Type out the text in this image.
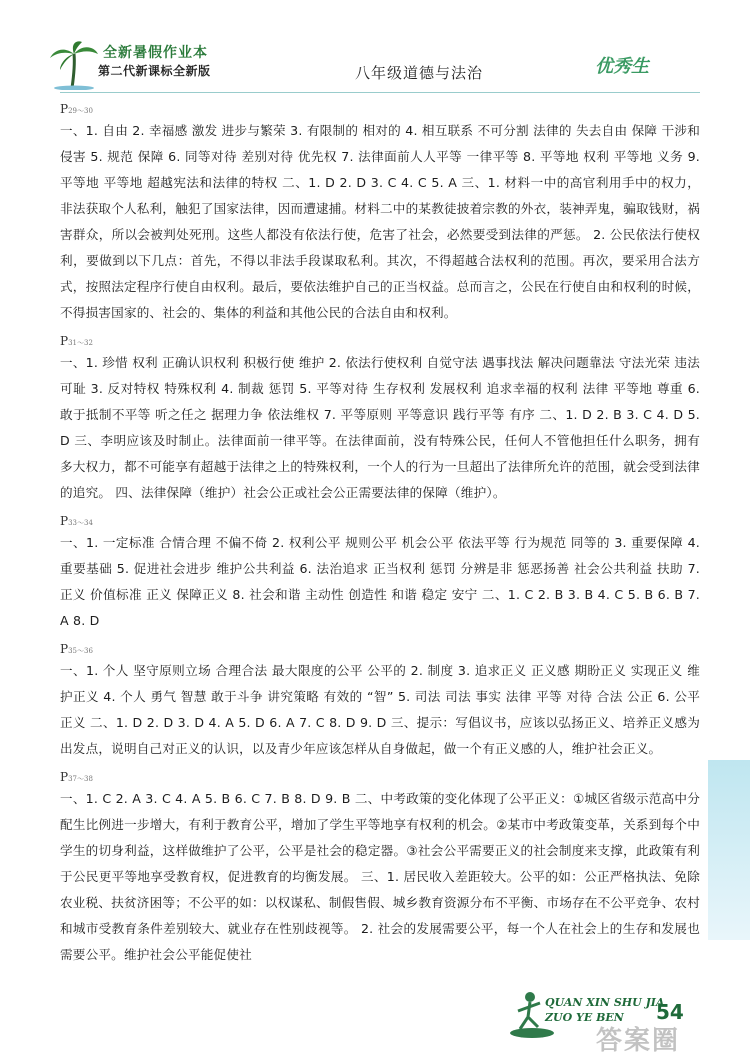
全新暑假作业本
第二代新课标全新版	八年级道德与法治	优秀生

P29～30

一、1. 自由 2. 幸福感 激发 进步与繁荣 3. 有限制的 相对的 4. 相互联系 不可分割 法律的 失去自由 保障 干涉和侵害 5. 规范 保障 6. 同等对待 差别对待 优先权 7. 法律面前人人平等 一律平等 8. 平等地 权利 平等地 义务 9. 平等地 平等地 超越宪法和法律的特权 二、1. D 2. D 3. C 4. C 5. A 三、1. 材料一中的高官利用手中的权力，非法获取个人私利，触犯了国家法律，因而遭逮捕。材料二中的某教徒披着宗教的外衣，装神弄鬼，骗取钱财，祸害群众，所以会被判处死刑。这些人都没有依法行使，危害了社会，必然要受到法律的严惩。 2. 公民依法行使权利，要做到以下几点：首先，不得以非法手段谋取私利。其次，不得超越合法权利的范围。再次，要采用合法方式，按照法定程序行使自由权利。最后，要依法维护自己的正当权益。总而言之，公民在行使自由和权利的时候，不得损害国家的、社会的、集体的利益和其他公民的合法自由和权利。

P31～32

一、1. 珍惜 权利 正确认识权利 积极行使 维护 2. 依法行使权利 自觉守法 遇事找法 解决问题靠法 守法光荣 违法可耻 3. 反对特权 特殊权利 4. 制裁 惩罚 5. 平等对待 生存权利 发展权利 追求幸福的权利 法律 平等地 尊重 6. 敢于抵制不平等 听之任之 据理力争 依法维权 7. 平等原则 平等意识 践行平等 有序 二、1. D 2. B 3. C 4. D 5. D 三、李明应该及时制止。法律面前一律平等。在法律面前，没有特殊公民，任何人不管他担任什么职务，拥有多大权力，都不可能享有超越于法律之上的特殊权利，一个人的行为一旦超出了法律所允许的范围，就会受到法律的追究。 四、法律保障（维护）社会公正或社会公正需要法律的保障（维护）。

P33～34

一、1. 一定标准 合情合理 不偏不倚 2. 权利公平 规则公平 机会公平 依法平等 行为规范 同等的 3. 重要保障 4. 重要基础 5. 促进社会进步 维护公共利益 6. 法治追求 正当权利 惩罚 分辨是非 惩恶扬善 社会公共利益 扶助 7. 正义 价值标准 正义 保障正义 8. 社会和谐 主动性 创造性 和谐 稳定 安宁 二、1. C 2. B 3. B 4. C 5. B 6. B 7. A 8. D

P35～36

一、1. 个人 坚守原则立场 合理合法 最大限度的公平 公平的 2. 制度 3. 追求正义 正义感 期盼正义 实现正义 维护正义 4. 个人 勇气 智慧 敢于斗争 讲究策略 有效的 “智” 5. 司法 司法 事实 法律 平等 对待 合法 公正 6. 公平正义 二、1. D 2. D 3. D 4. A 5. D 6. A 7. C 8. D 9. D 三、提示：写倡议书，应该以弘扬正义、培养正义感为出发点，说明自己对正义的认识，以及青少年应该怎样从自身做起，做一个有正义感的人，维护社会正义。

P37～38

一、1. C 2. A 3. C 4. A 5. B 6. C 7. B 8. D 9. B 二、中考政策的变化体现了公平正义：①城区省级示范高中分配生比例进一步增大，有利于教育公平，增加了学生平等地享有权利的机会。②某市中考政策变革，关系到每个中学生的切身利益，这样做维护了公平，公平是社会的稳定器。③社会公平需要正义的社会制度来支撑，此政策有利于公民更平等地享受教育权，促进教育的均衡发展。 三、1. 居民收入差距较大。公平的如：公正严格执法、免除农业税、扶贫济困等；不公平的如：以权谋私、制假售假、城乡教育资源分布不平衡、市场存在不公平竞争、农村和城市受教育条件差别较大、就业存在性别歧视等。 2. 社会的发展需要公平，每一个人在社会上的生存和发展也需要公平。维护社会公平能促使社

QUAN XIN SHU JIA
ZUO YE BEN	54
答案圈
